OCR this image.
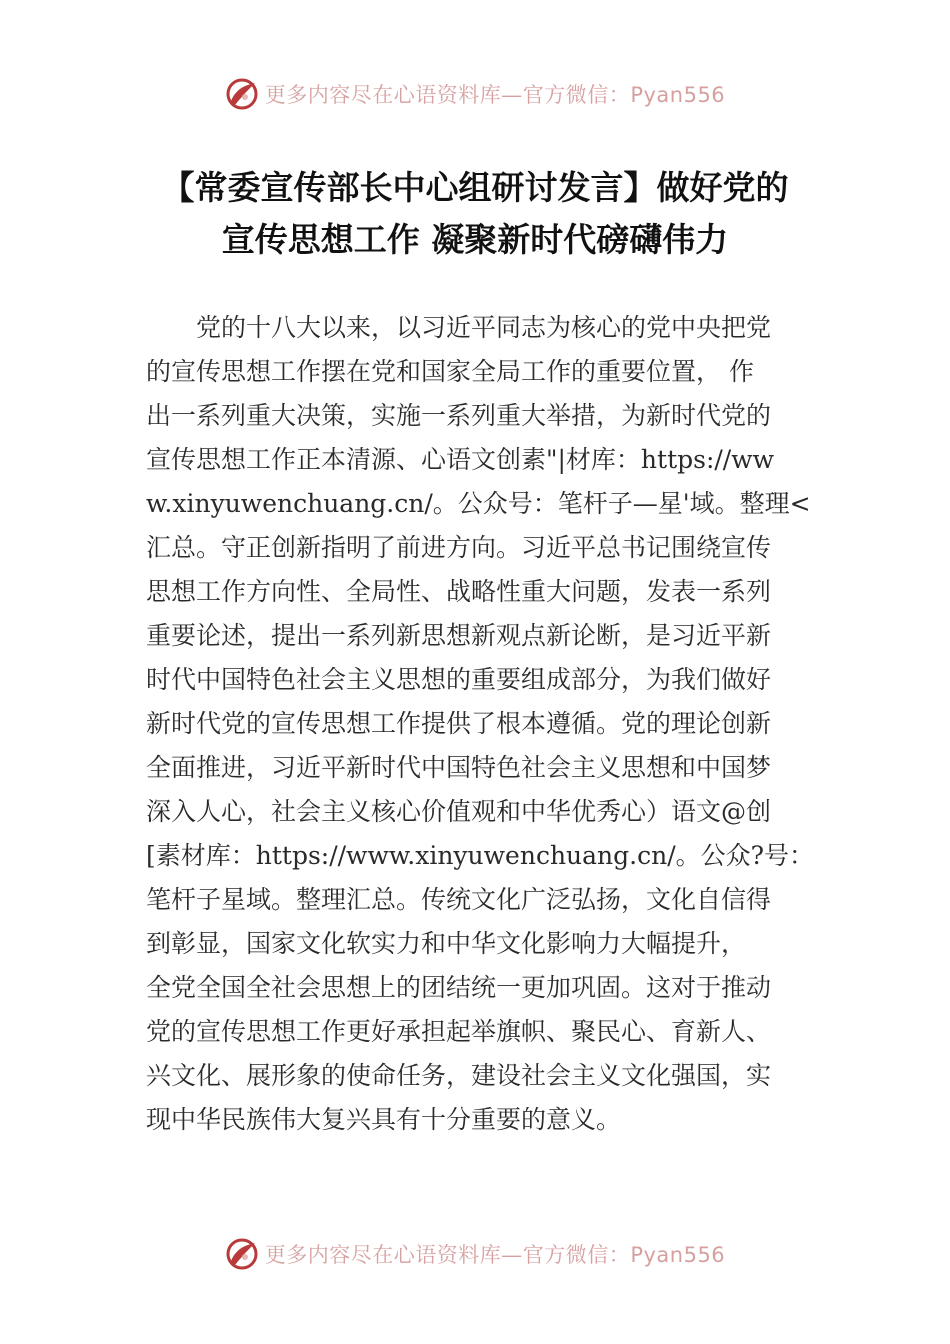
更多内容尽在心语资料库—官方微信：Pyan556
【常委宣传部长中心组研讨发言】做好党的
宣传思想工作 凝聚新时代磅礴伟力

党的十八大以来，以习近平同志为核心的党中央把党
的宣传思想工作摆在党和国家全局工作的重要位置， 作
出一系列重大决策，实施一系列重大举措，为新时代党的
宣传思想工作正本清源、心语文创素"|材库：https://ww
w.xinyuwenchuang.cn/。公众号：笔杆子—星'域。整理<
汇总。守正创新指明了前进方向。习近平总书记围绕宣传
思想工作方向性、全局性、战略性重大问题，发表一系列
重要论述，提出一系列新思想新观点新论断，是习近平新
时代中国特色社会主义思想的重要组成部分，为我们做好
新时代党的宣传思想工作提供了根本遵循。党的理论创新
全面推进，习近平新时代中国特色社会主义思想和中国梦
深入人心，社会主义核心价值观和中华优秀心）语文@创
[素材库：https://www.xinyuwenchuang.cn/。公众?号：
笔杆子星域。整理汇总。传统文化广泛弘扬，文化自信得
到彰显，国家文化软实力和中华文化影响力大幅提升，
全党全国全社会思想上的团结统一更加巩固。这对于推动
党的宣传思想工作更好承担起举旗帜、聚民心、育新人、
兴文化、展形象的使命任务，建设社会主义文化强国，实
现中华民族伟大复兴具有十分重要的意义。

更多内容尽在心语资料库—官方微信：Pyan556
